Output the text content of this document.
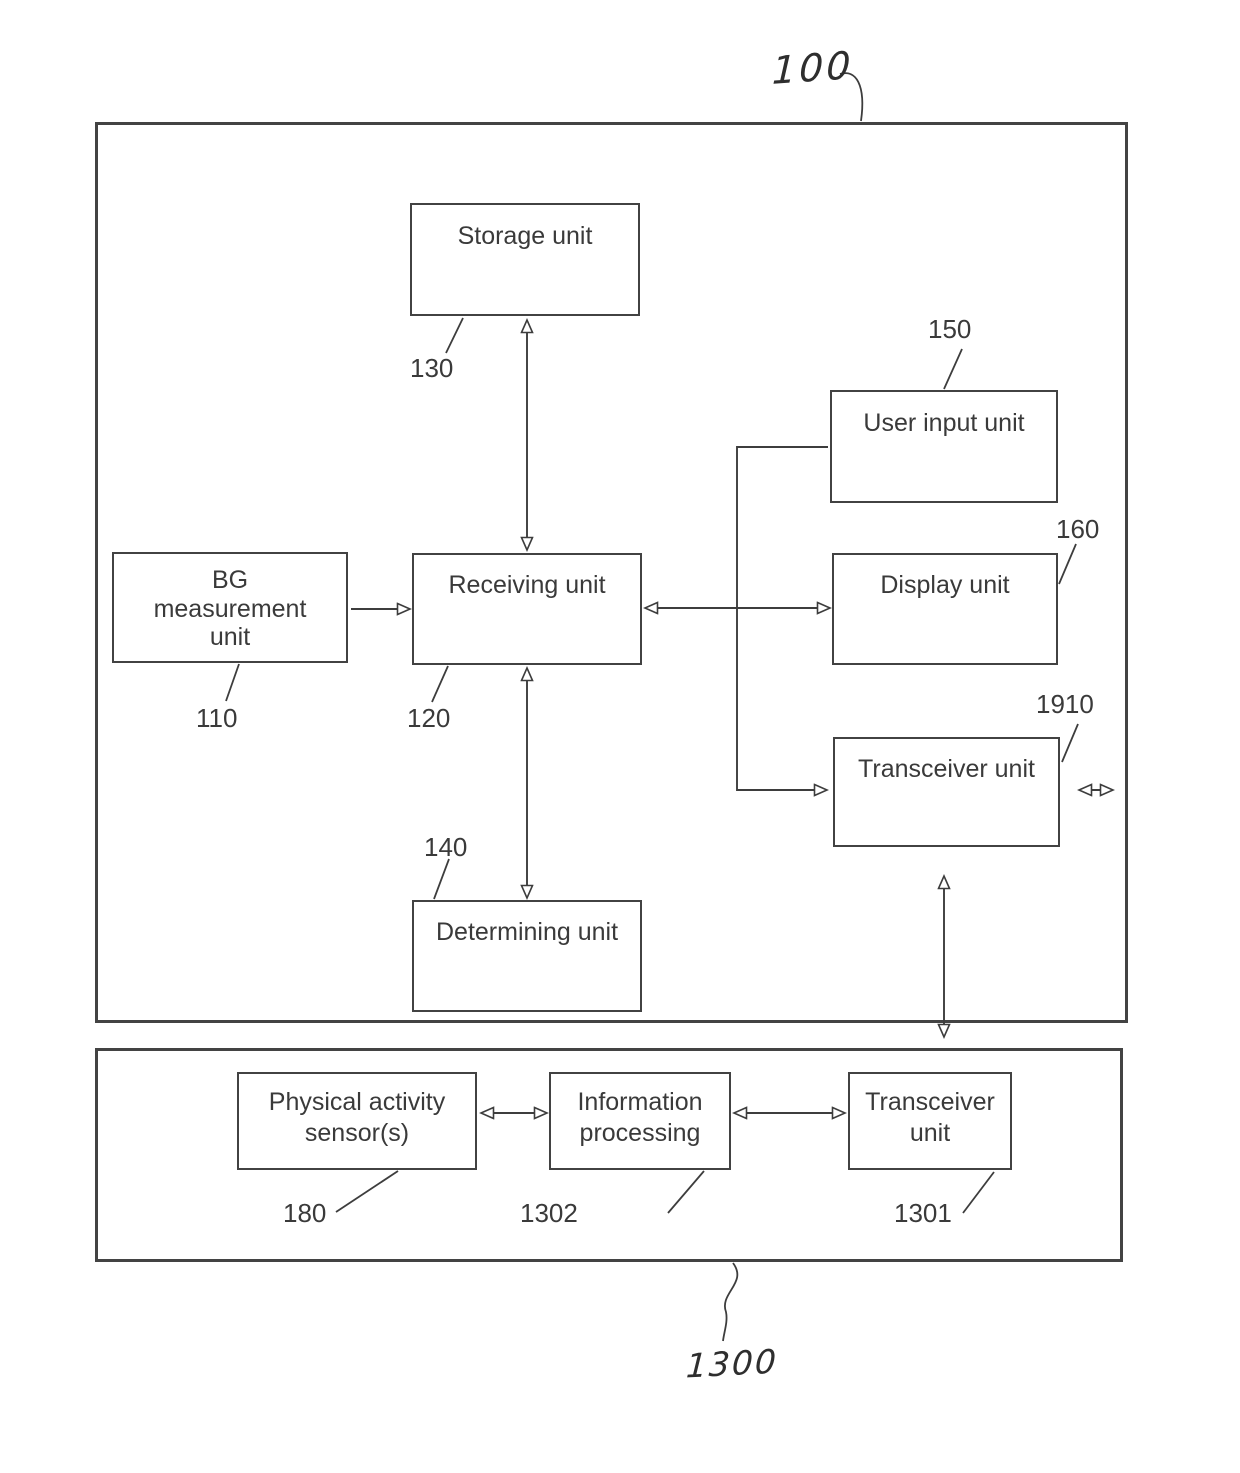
Storage unit
User input unit
BG
measurement
unit
Receiving unit	Display unit
Transceiver unit
Determining unit
Physical activity
sensor(s)
Information
processing
Transceiver
unit
130
150
160
1910
110	120
140
180	1302	1301
100
1300
